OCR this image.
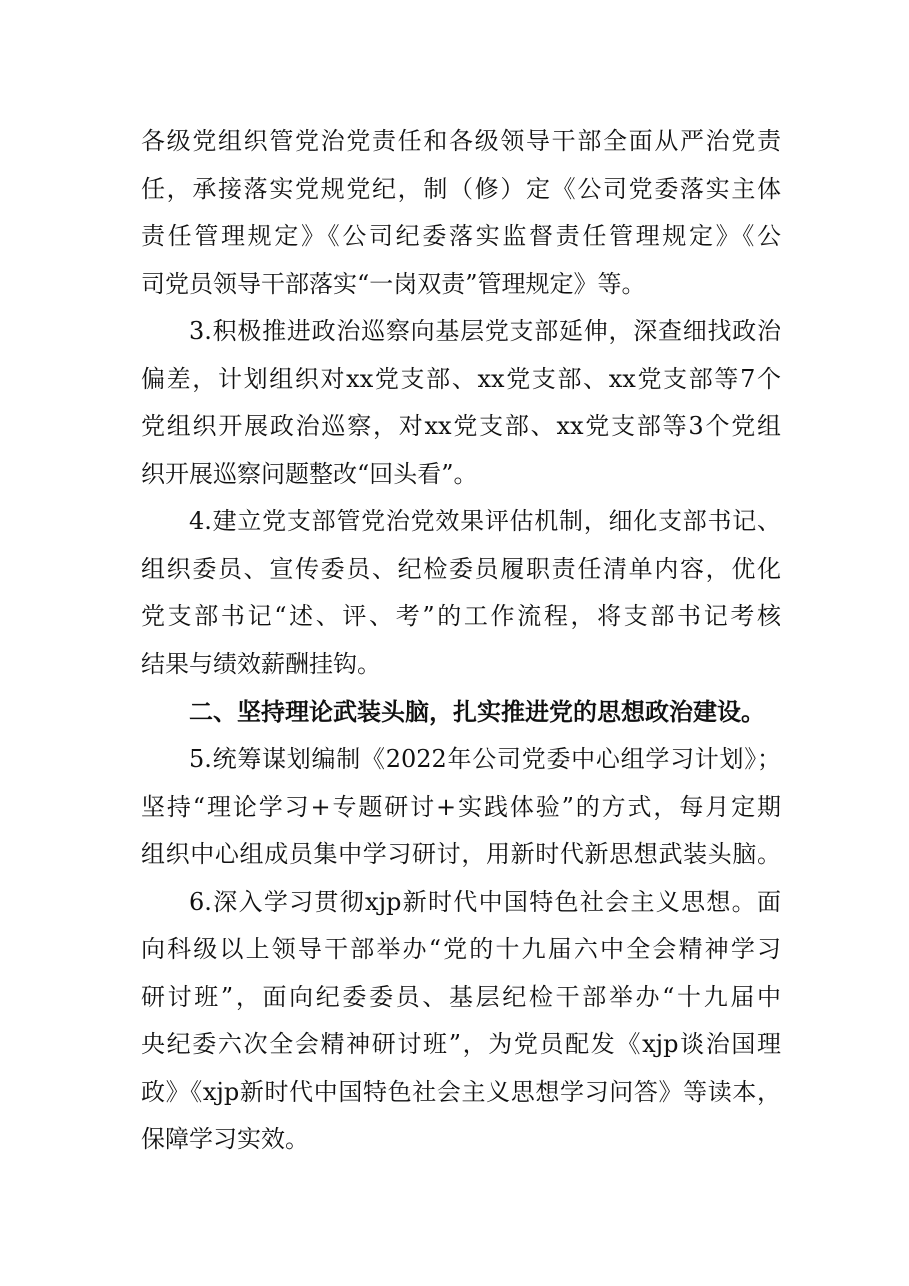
各级党组织管党治党责任和各级领导干部全面从严治党责
任，承接落实党规党纪，制（修）定《公司党委落实主体
责任管理规定》《公司纪委落实监督责任管理规定》《公
司党员领导干部落实“一岗双责”管理规定》等。
3.积极推进政治巡察向基层党支部延伸，深查细找政治
偏差，计划组织对xx党支部、xx党支部、xx党支部等7个
党组织开展政治巡察，对xx党支部、xx党支部等3个党组
织开展巡察问题整改“回头看”。
4.建立党支部管党治党效果评估机制，细化支部书记、
组织委员、宣传委员、纪检委员履职责任清单内容，优化
党支部书记“述、评、考”的工作流程，将支部书记考核
结果与绩效薪酬挂钩。
二、坚持理论武装头脑，扎实推进党的思想政治建设。
5.统筹谋划编制《2022年公司党委中心组学习计划》；
坚持“理论学习+专题研讨+实践体验”的方式，每月定期
组织中心组成员集中学习研讨，用新时代新思想武装头脑。
6.深入学习贯彻xjp新时代中国特色社会主义思想。面
向科级以上领导干部举办“党的十九届六中全会精神学习
研讨班”，面向纪委委员、基层纪检干部举办“十九届中
央纪委六次全会精神研讨班”，为党员配发《xjp谈治国理
政》《xjp新时代中国特色社会主义思想学习问答》等读本，
保障学习实效。
